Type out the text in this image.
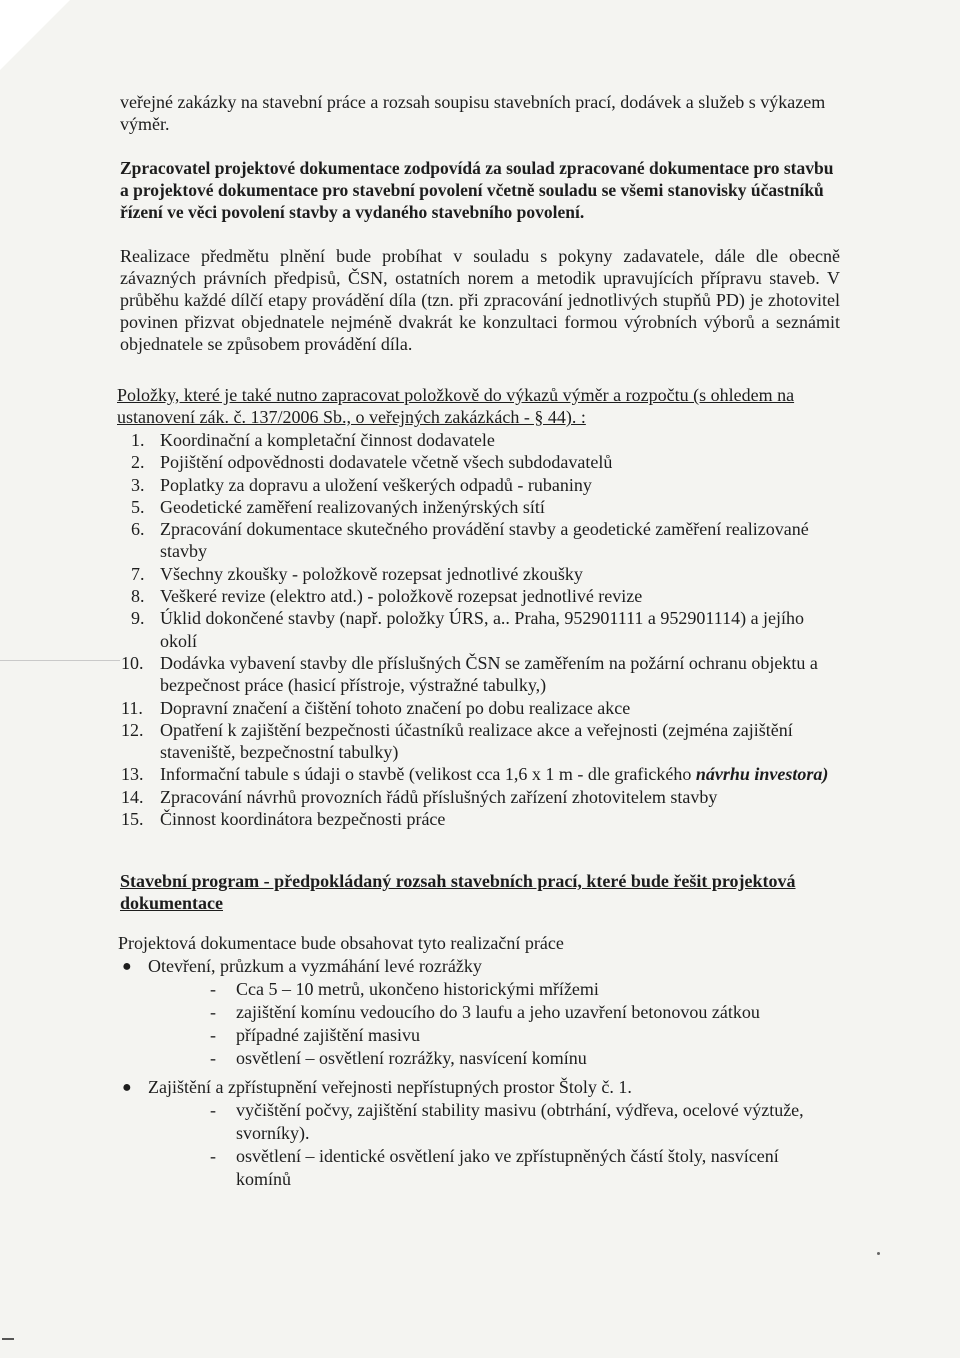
veřejné zakázky na stavební práce a rozsah soupisu stavebních prací, dodávek a služeb s výkazem výměr.
Zpracovatel projektové dokumentace zodpovídá za soulad zpracované dokumentace pro stavbu a projektové dokumentace pro stavební povolení včetně souladu se všemi stanovisky účastníků řízení ve věci povolení stavby a vydaného stavebního povolení.
Realizace předmětu plnění bude probíhat v souladu s pokyny zadavatele, dále dle obecně závazných právních předpisů, ČSN, ostatních norem a metodik upravujících přípravu staveb. V průběhu každé dílčí etapy provádění díla (tzn. při zpracování jednotlivých stupňů PD) je zhotovitel povinen přizvat objednatele nejméně dvakrát ke konzultaci formou výrobních výborů a seznámit objednatele se způsobem provádění díla.
Položky, které je také nutno zapracovat položkově do výkazů výměr a rozpočtu (s ohledem na ustanovení zák. č. 137/2006 Sb., o veřejných zakázkách - § 44). :
1. Koordinační a kompletační činnost dodavatele
2. Pojištění odpovědnosti dodavatele včetně všech subdodavatelů
3. Poplatky za dopravu a uložení veškerých odpadů - rubaniny
5. Geodetické zaměření realizovaných inženýrských sítí
6. Zpracování dokumentace skutečného provádění stavby a geodetické zaměření realizované stavby
7. Všechny zkoušky - položkově rozepsat jednotlivé zkoušky
8. Veškeré revize (elektro atd.) - položkově rozepsat jednotlivé revize
9. Úklid dokončené stavby (např. položky ÚRS, a.. Praha, 952901111 a 952901114) a jejího okolí
10. Dodávka vybavení stavby dle příslušných ČSN se zaměřením na požární ochranu objektu a bezpečnost práce (hasicí přístroje, výstražné tabulky,)
11. Dopravní značení a čištění tohoto značení po dobu realizace akce
12. Opatření k zajištění bezpečnosti účastníků realizace akce a veřejnosti (zejména zajištění staveniště, bezpečnostní tabulky)
13. Informační tabule s údaji o stavbě (velikost cca 1,6 x 1 m - dle grafického návrhu investora)
14. Zpracování návrhů provozních řádů příslušných zařízení zhotovitelem stavby
15. Činnost koordinátora bezpečnosti práce
Stavební program - předpokládaný rozsah stavebních prací, které bude řešit projektová dokumentace
Projektová dokumentace bude obsahovat tyto realizační práce
● Otevření, průzkum a vyzmáhání levé rozrážky
- Cca 5 – 10 metrů, ukončeno historickými mřížemi
- zajištění komínu vedoucího do 3 laufu a jeho uzavření betonovou zátkou
- případné zajištění masivu
- osvětlení – osvětlení rozrážky, nasvícení komínu
● Zajištění a zpřístupnění veřejnosti nepřístupných prostor Štoly č. 1.
- vyčištění počvy, zajištění stability masivu (obtrhání, výdřeva, ocelové výztuže, svorníky).
- osvětlení – identické osvětlení jako ve zpřístupněných částí štoly, nasvícení komínů
